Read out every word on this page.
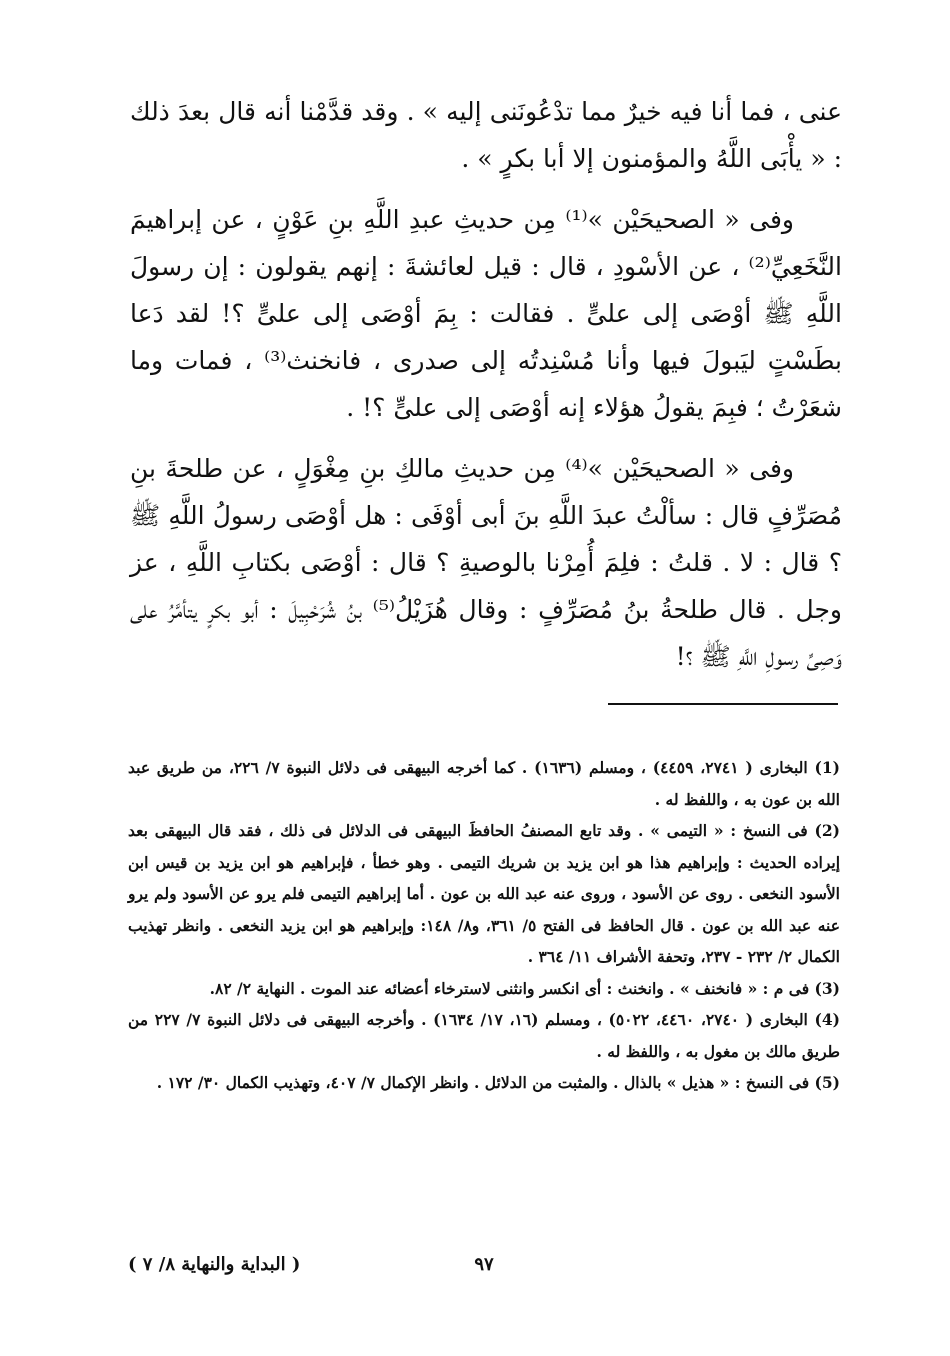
عنى ، فما أنا فيه خيرٌ مما تدْعُونَنى إليه » . وقد قدَّمْنا أنه قال بعدَ ذلك : « يأْبَى اللَّهُ والمؤمنون إلا أبا بكرٍ » .

وفى « الصحيحَيْن »⁽¹⁾ مِن حديثِ عبدِ اللَّهِ بنِ عَوْنٍ ، عن إبراهيمَ النَّخَعِيِّ⁽²⁾ ، عن الأسْودِ ، قال : قيل لعائشةَ : إنهم يقولون : إن رسولَ اللَّهِ ﷺ أوْصَى إلى علىٍّ . فقالت : بِمَ أوْصَى إلى علىٍّ ؟! لقد دَعا بطَسْتٍ ليَبولَ فيها وأنا مُسْنِدتُه إلى صدرى ، فانخنث⁽³⁾ ، فمات وما شعَرْتُ ؛ فبِمَ يقولُ هؤلاء إنه أوْصَى إلى علىٍّ ؟! .

وفى « الصحيحَيْن »⁽⁴⁾ مِن حديثِ مالكِ بنِ مِغْوَلٍ ، عن طلحةَ بنِ مُصَرِّفٍ قال : سألْتُ عبدَ اللَّهِ بنَ أبى أوْفَى : هل أوْصَى رسولُ اللَّهِ ﷺ ؟ قال : لا . قلتُ : فلِمَ أُمِرْنا بالوصيةِ ؟ قال : أوْصَى بكتابِ اللَّهِ ، عز وجل . قال طلحةُ بنُ مُصَرِّفٍ : وقال هُزَيْلُ⁽⁵⁾ بنُ شُرَحْبِيلَ : أبو بكرٍ يتأمَّرُ على وَصِىِّ رسولِ اللَّهِ ﷺ ؟!

(1) البخارى ( ٢٧٤١، ٤٤٥٩) ، ومسلم (١٦٣٦) . كما أخرجه البيهقى فى دلائل النبوة ٧/ ٢٢٦، من طريق عبد الله بن عون به ، واللفظ له .

(2) فى النسخ : « التيمى » . وقد تابع المصنفُ الحافظَ البيهقى فى الدلائل فى ذلك ، فقد قال البيهقى بعد إيراده الحديث : وإبراهيم هذا هو ابن يزيد بن شريك التيمى . وهو خطأ ، فإبراهيم هو ابن يزيد بن قيس ابن الأسود النخعى . روى عن الأسود ، وروى عنه عبد الله بن عون . أما إبراهيم التيمى فلم يرو عن الأسود ولم يرو عنه عبد الله بن عون . قال الحافظ فى الفتح ٥/ ٣٦١، و٨/ ١٤٨: وإبراهيم هو ابن يزيد النخعى . وانظر تهذيب الكمال ٢/ ٢٣٢ - ٢٣٧، وتحفة الأشراف ١١/ ٣٦٤ .

(3) فى م : « فانخنف » . وانخنث : أى انكسر وانثنى لاسترخاء أعضائه عند الموت . النهاية ٢/ ٨٢.

(4) البخارى ( ٢٧٤٠، ٤٤٦٠، ٥٠٢٢) ، ومسلم (١٦، ١٧/ ١٦٣٤) . وأخرجه البيهقى فى دلائل النبوة ٧/ ٢٢٧ من طريق مالك بن مغول به ، واللفظ له .

(5) فى النسخ : « هذيل » بالذال . والمثبت من الدلائل . وانظر الإكمال ٧/ ٤٠٧، وتهذيب الكمال ٣٠/ ١٧٢ .

٩٧
( البداية والنهاية ٨/ ٧ )
